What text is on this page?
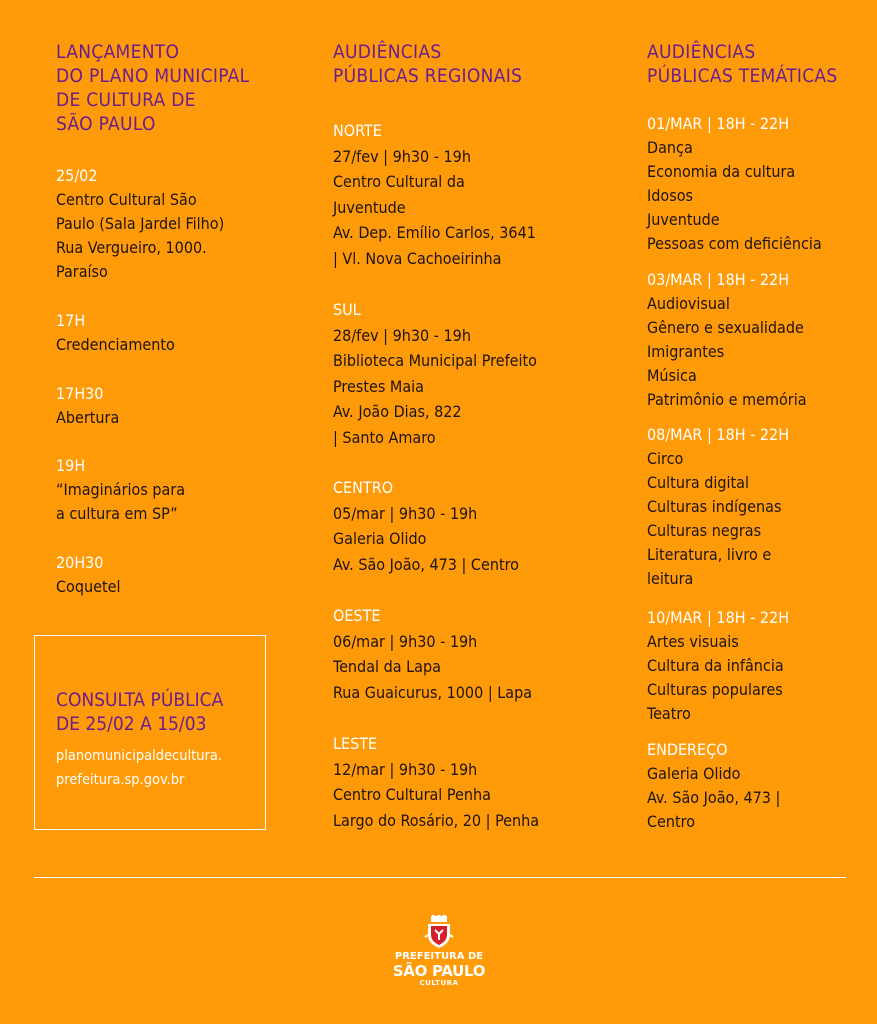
LANÇAMENTO
DO PLANO MUNICIPAL
DE CULTURA DE
SÃO PAULO
25/02
Centro Cultural São
Paulo (Sala Jardel Filho)
Rua Vergueiro, 1000.
Paraíso
17H
Credenciamento
17H30
Abertura
19H
“Imaginários para
a cultura em SP”
20H30
Coquetel
CONSULTA PÚBLICA
DE 25/02 A 15/03
planomunicipaldecultura.
prefeitura.sp.gov.br
AUDIÊNCIAS
PÚBLICAS REGIONAIS
NORTE
27/fev | 9h30 - 19h
Centro Cultural da
Juventude
Av. Dep. Emílio Carlos, 3641
| Vl. Nova Cachoeirinha
SUL
28/fev | 9h30 - 19h
Biblioteca Municipal Prefeito
Prestes Maia
Av. João Dias, 822
| Santo Amaro
CENTRO
05/mar | 9h30 - 19h
Galeria Olido
Av. São João, 473 | Centro
OESTE
06/mar | 9h30 - 19h
Tendal da Lapa
Rua Guaicurus, 1000 | Lapa
LESTE
12/mar | 9h30 - 19h
Centro Cultural Penha
Largo do Rosário, 20 | Penha
AUDIÊNCIAS
PÚBLICAS TEMÁTICAS
01/MAR | 18H - 22H
Dança
Economia da cultura
Idosos
Juventude
Pessoas com deficiência
03/MAR | 18H - 22H
Audiovisual
Gênero e sexualidade
Imigrantes
Música
Patrimônio e memória
08/MAR | 18H - 22H
Circo
Cultura digital
Culturas indígenas
Culturas negras
Literatura, livro e
leitura
10/MAR | 18H - 22H
Artes visuais
Cultura da infância
Culturas populares
Teatro
ENDEREÇO
Galeria Olido
Av. São João, 473 |
Centro
PREFEITURA DE
SÃO PAULO
CULTURA
